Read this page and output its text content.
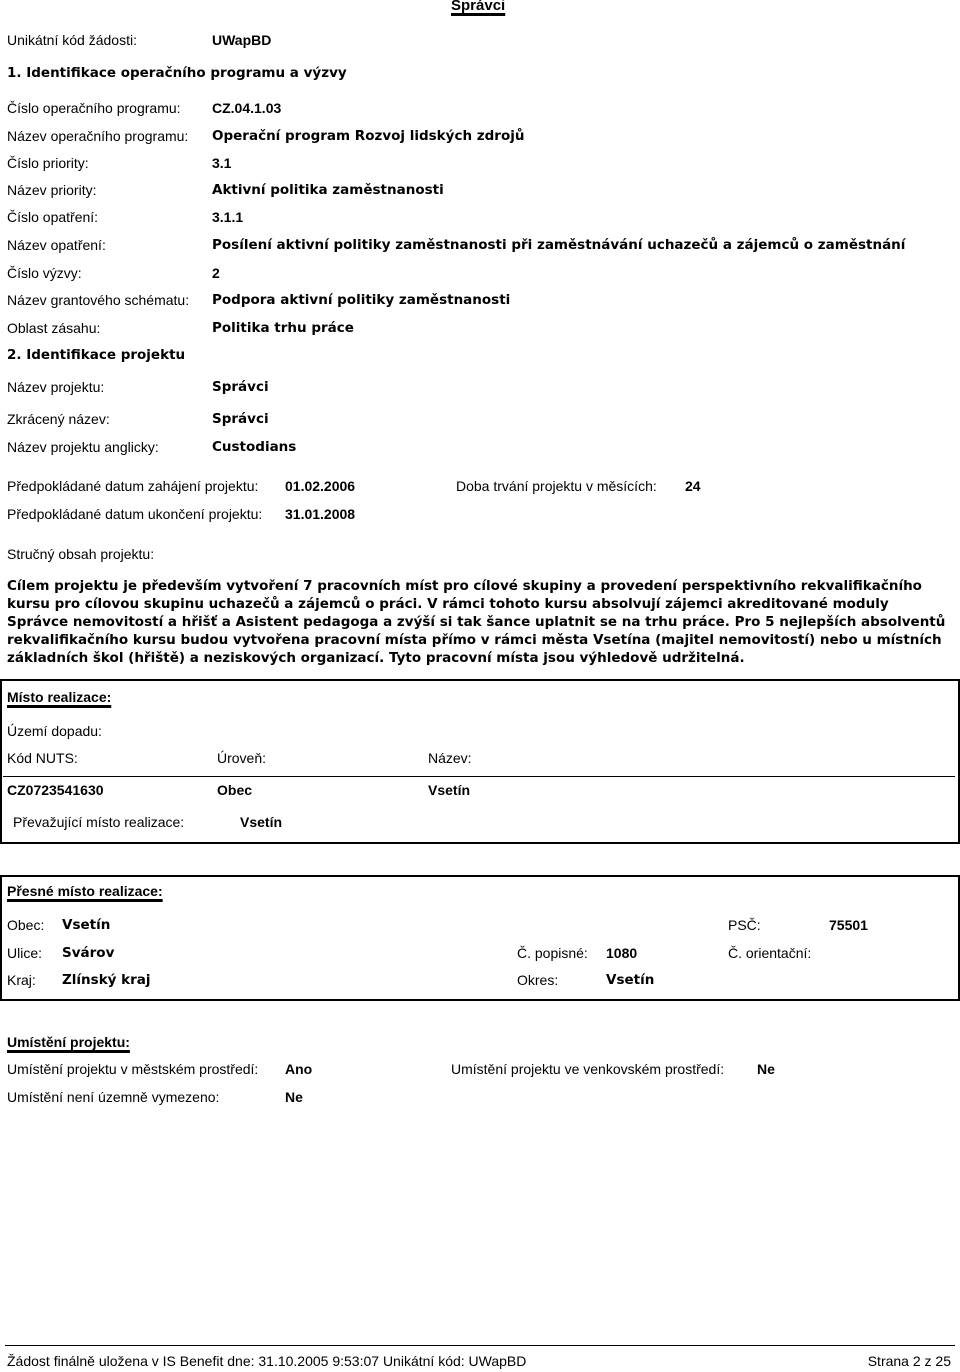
Správci
Unikátní kód žádosti:	UWapBD
1. Identifikace operačního programu a výzvy
Číslo operačního programu: CZ.04.1.03
Název operačního programu: Operační program Rozvoj lidských zdrojů
Číslo priority:	3.1
Název priority:	Aktivní politika zaměstnanosti
Číslo opatření:	3.1.1
Název opatření:	Posílení aktivní politiky zaměstnanosti při zaměstnávání uchazečů a zájemců o zaměstnání
Číslo výzvy:	2
Název grantového schématu: Podpora aktivní politiky zaměstnanosti
Oblast zásahu:	Politika trhu práce
2. Identifikace projektu
Název projektu:	Správci
Zkrácený název:	Správci
Název projektu anglicky:	Custodians
Předpokládané datum zahájení projektu: 01.02.2006	Doba trvání projektu v měsících: 24
Předpokládané datum ukončení projektu: 31.01.2008
Stručný obsah projektu:
Cílem projektu je především vytvoření 7 pracovních míst pro cílové skupiny a provedení perspektivního rekvalifikačního kursu pro cílovou skupinu uchazečů a zájemců o práci. V rámci tohoto kursu absolvují zájemci akreditované moduly Správce nemovitostí a hřišť a Asistent pedagoga a zvýší si tak šance uplatnit se na trhu práce. Pro 5 nejlepších absolventů rekvalifikačního kursu budou vytvořena pracovní místa přímo v rámci města Vsetína (majitel nemovitostí) nebo u místních základních škol (hřiště) a neziskových organizací. Tyto pracovní místa jsou výhledově udržitelná.
Místo realizace:
Území dopadu:
Kód NUTS:	Úroveň:	Název:
CZ0723541630	Obec	Vsetín
Převažující místo realizace:	Vsetín
Přesné místo realizace:
Obec: Vsetín	PSČ:	75501
Ulice: Svárov	Č. popisné: 1080	Č. orientační:
Kraj: Zlínský kraj	Okres:	Vsetín
Umístění projektu:
Umístění projektu v městském prostředí: Ano	Umístění projektu ve venkovském prostředí: Ne
Umístění není územně vymezeno:	Ne
Žádost finálně uložena v IS Benefit dne: 31.10.2005 9:53:07 Unikátní kód: UWapBD	Strana 2 z 25
